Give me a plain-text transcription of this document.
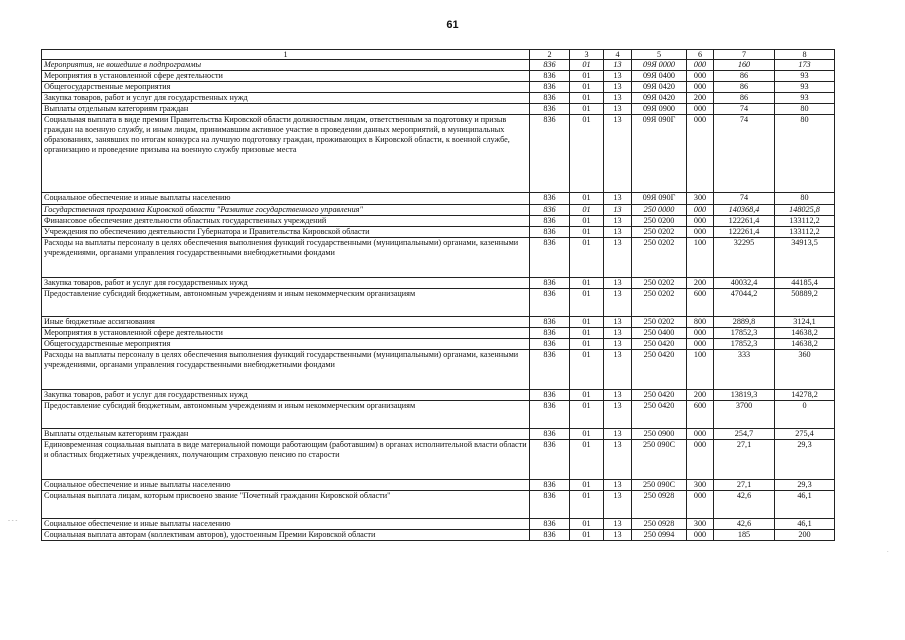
61
- - -
.
1	2	3	4	5	6	7	8
Мероприятия, не вошедшие в подпрограммы	836	01	13	09Я 0000	000	160	173
Мероприятия в установленной сфере деятельности	836	01	13	09Я 0400	000	86	93
Общегосударственные мероприятия	836	01	13	09Я 0420	000	86	93
Закупка товаров, работ и услуг для государственных нужд	836	01	13	09Я 0420	200	86	93
Выплаты отдельным категориям граждан	836	01	13	09Я 0900	000	74	80
Социальная выплата в виде премии Правительства Кировской области должностным лицам, ответственным за подготовку и призыв граждан на военную службу, и иным лицам, принимавшим активное участие в проведении данных мероприятий, в муниципальных образованиях, занявших по итогам конкурса на лучшую подготовку граждан, проживающих в Кировской области, к военной службе, организацию и проведение призыва на военную службу призовые места	836	01	13	09Я 090Г	000	74	80
Социальное обеспечение и иные выплаты населению	836	01	13	09Я 090Г	300	74	80
Государственная программа Кировской области "Развитие государственного управления"	836	01	13	250 0000	000	140368,4	148025,8
Финансовое обеспечение деятельности областных государственных учреждений	836	01	13	250 0200	000	122261,4	133112,2
Учреждения по обеспечению деятельности Губернатора и Правительства Кировской области	836	01	13	250 0202	000	122261,4	133112,2
Расходы на выплаты персоналу в целях обеспечения выполнения функций государственными (муниципальными) органами, казенными учреждениями, органами управления государственными внебюджетными фондами	836	01	13	250 0202	100	32295	34913,5
Закупка товаров, работ и услуг для государственных нужд	836	01	13	250 0202	200	40032,4	44185,4
Предоставление субсидий бюджетным, автономным учреждениям и иным некоммерческим организациям	836	01	13	250 0202	600	47044,2	50889,2
Иные бюджетные ассигнования	836	01	13	250 0202	800	2889,8	3124,1
Мероприятия в установленной сфере деятельности	836	01	13	250 0400	000	17852,3	14638,2
Общегосударственные мероприятия	836	01	13	250 0420	000	17852,3	14638,2
Расходы на выплаты персоналу в целях обеспечения выполнения функций государственными (муниципальными) органами, казенными учреждениями, органами управления государственными внебюджетными фондами	836	01	13	250 0420	100	333	360
Закупка товаров, работ и услуг для государственных нужд	836	01	13	250 0420	200	13819,3	14278,2
Предоставление субсидий бюджетным, автономным учреждениям и иным некоммерческим организациям	836	01	13	250 0420	600	3700	0
Выплаты отдельным категориям граждан	836	01	13	250 0900	000	254,7	275,4
Единовременная социальная выплата в виде материальной помощи работающим (работавшим) в органах исполнительной власти области и областных бюджетных учреждениях, получающим страховую пенсию по старости	836	01	13	250 090С	000	27,1	29,3
Социальное обеспечение и иные выплаты населению	836	01	13	250 090С	300	27,1	29,3
Социальная выплата лицам, которым присвоено звание "Почетный гражданин Кировской области"	836	01	13	250 0928	000	42,6	46,1
Социальное обеспечение и иные выплаты населению	836	01	13	250 0928	300	42,6	46,1
Социальная выплата авторам (коллективам авторов), удостоенным Премии Кировской области	836	01	13	250 0994	000	185	200
